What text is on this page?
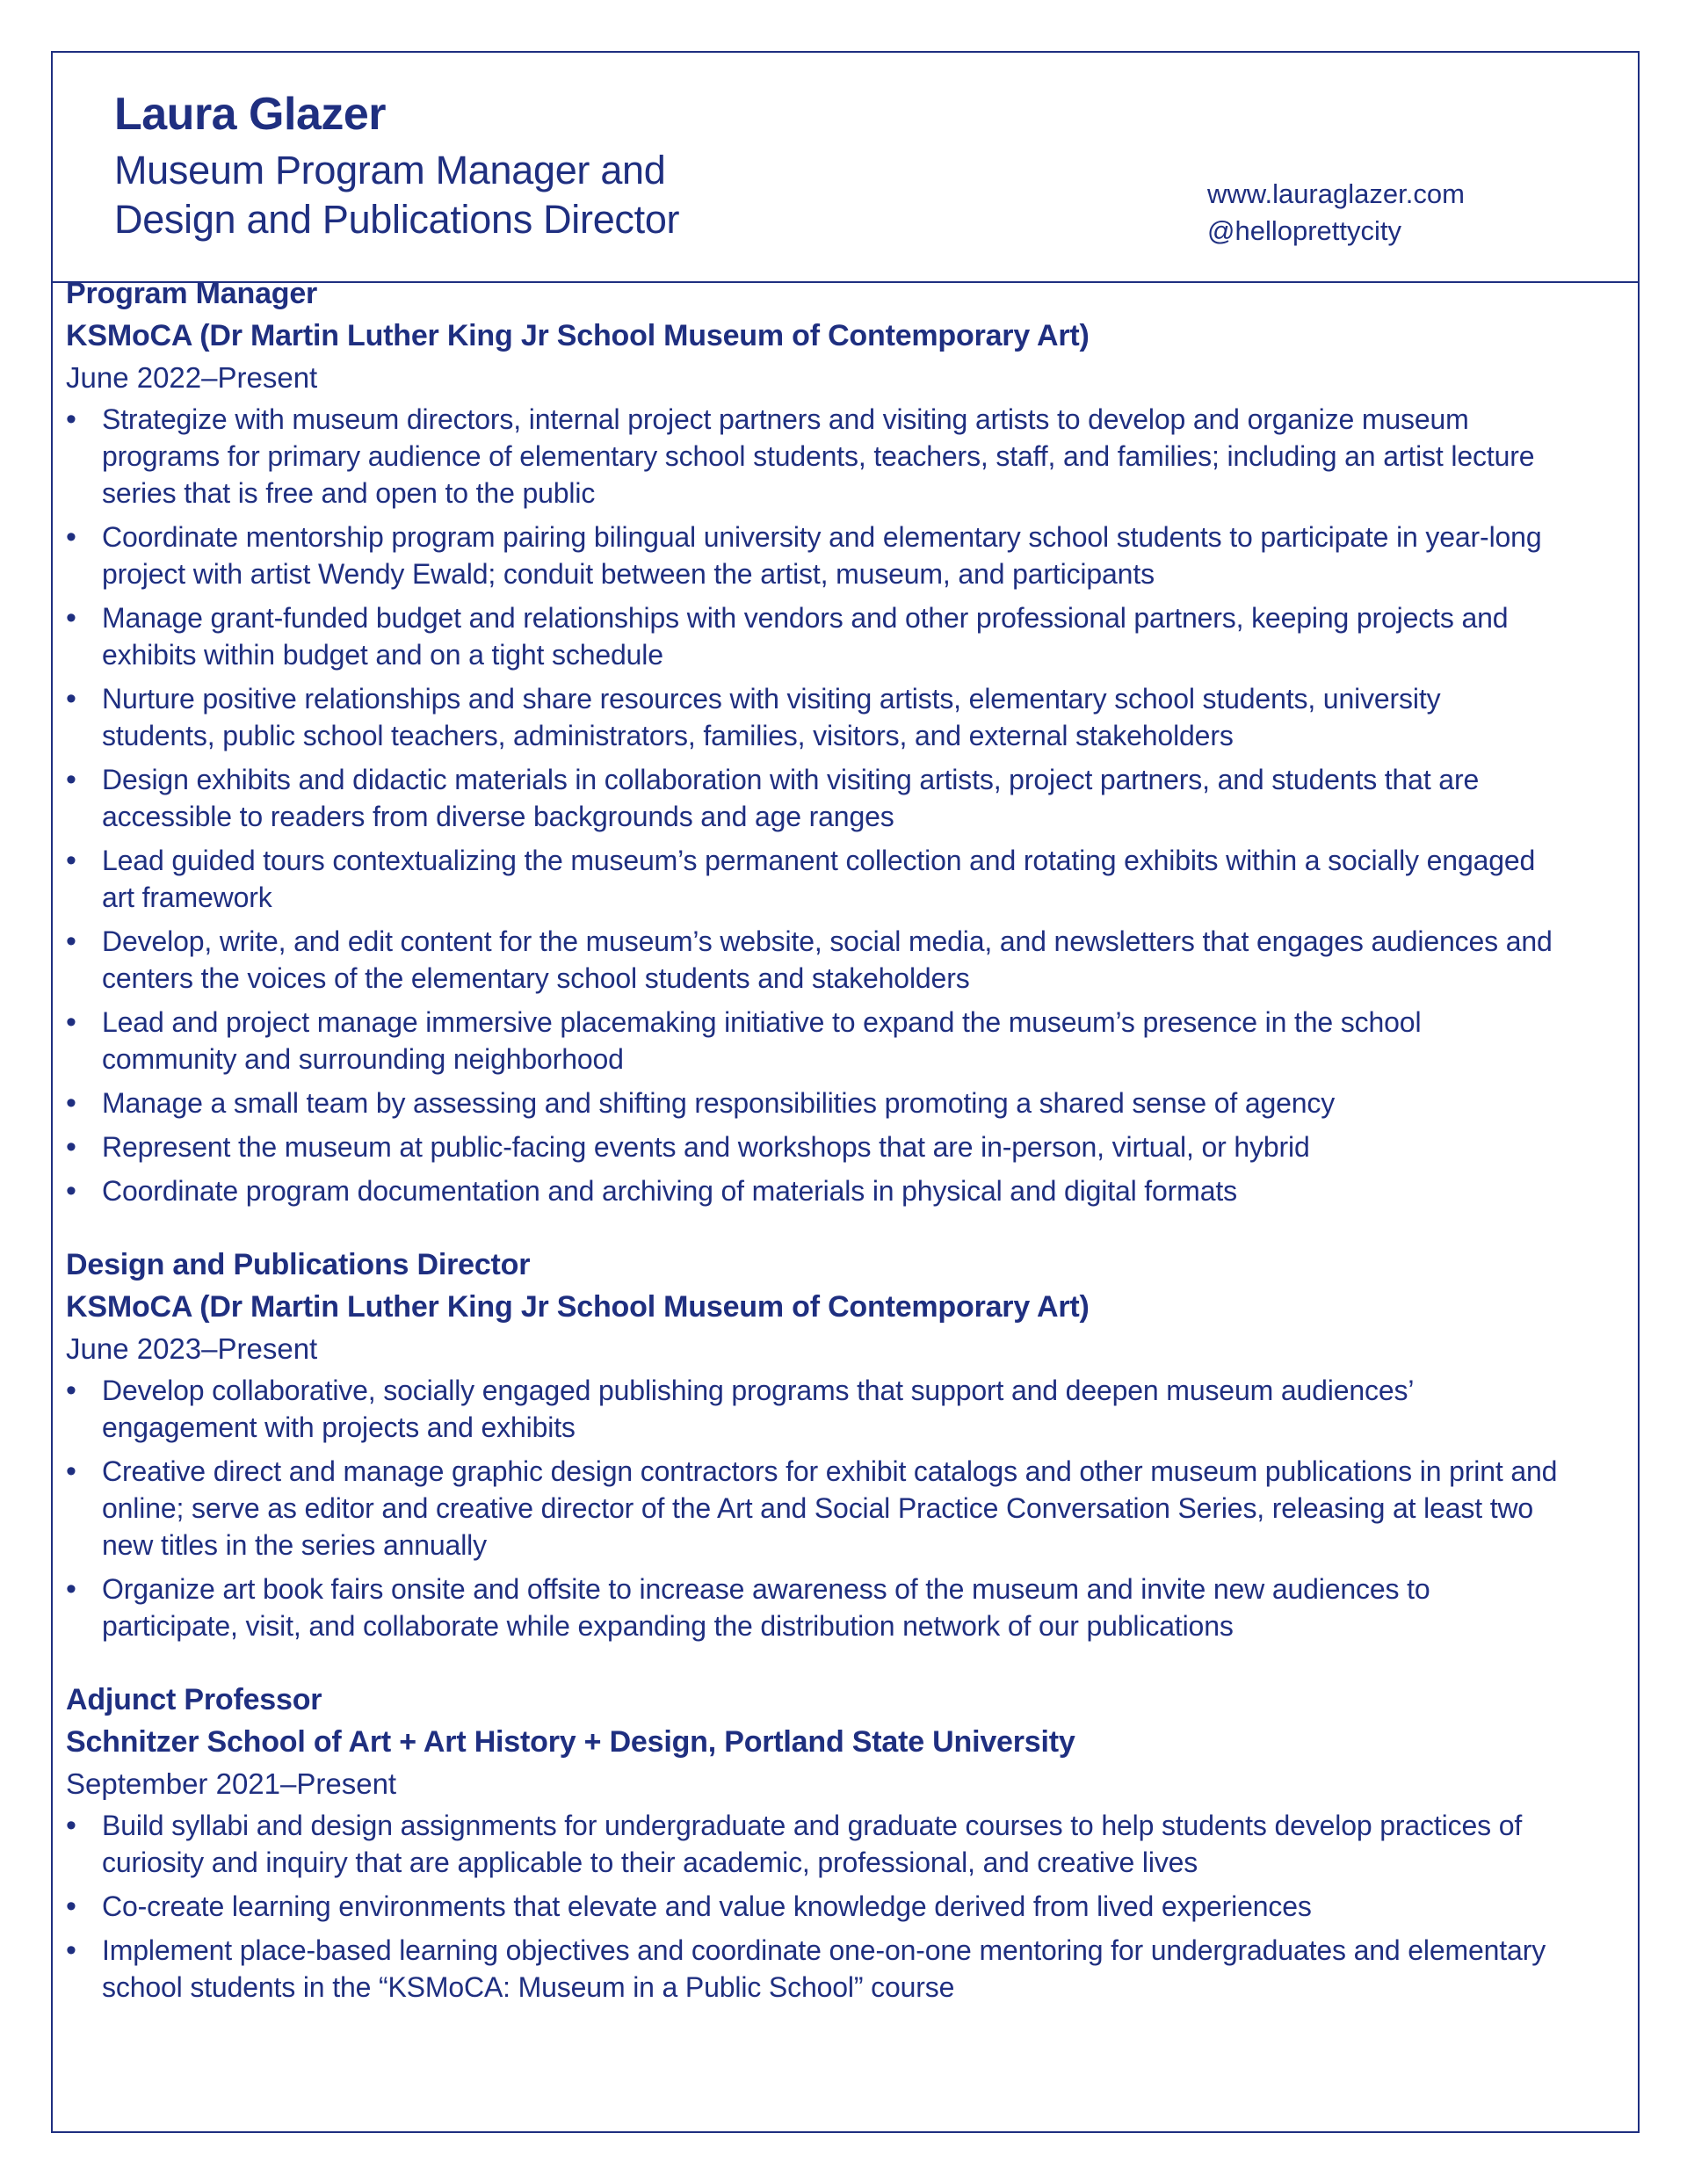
Laura Glazer
Museum Program Manager and
Design and Publications Director
www.lauraglazer.com
@helloprettycity
Program Manager
KSMoCA (Dr Martin Luther King Jr School Museum of Contemporary Art)
June 2022–Present
• Strategize with museum directors, internal project partners and visiting artists to develop and organize museum programs for primary audience of elementary school students, teachers, staff, and families; including an artist lecture series that is free and open to the public
• Coordinate mentorship program pairing bilingual university and elementary school students to participate in year-long project with artist Wendy Ewald; conduit between the artist, museum, and participants
• Manage grant-funded budget and relationships with vendors and other professional partners, keeping projects and exhibits within budget and on a tight schedule
• Nurture positive relationships and share resources with visiting artists, elementary school students, university students, public school teachers, administrators, families, visitors, and external stakeholders
• Design exhibits and didactic materials in collaboration with visiting artists, project partners, and students that are accessible to readers from diverse backgrounds and age ranges
• Lead guided tours contextualizing the museum’s permanent collection and rotating exhibits within a socially engaged art framework
• Develop, write, and edit content for the museum’s website, social media, and newsletters that engages audiences and centers the voices of the elementary school students and stakeholders
• Lead and project manage immersive placemaking initiative to expand the museum’s presence in the school community and surrounding neighborhood
• Manage a small team by assessing and shifting responsibilities promoting a shared sense of agency
• Represent the museum at public-facing events and workshops that are in-person, virtual, or hybrid
• Coordinate program documentation and archiving of materials in physical and digital formats
Design and Publications Director
KSMoCA (Dr Martin Luther King Jr School Museum of Contemporary Art)
June 2023–Present
• Develop collaborative, socially engaged publishing programs that support and deepen museum audiences’ engagement with projects and exhibits
• Creative direct and manage graphic design contractors for exhibit catalogs and other museum publications in print and online; serve as editor and creative director of the Art and Social Practice Conversation Series, releasing at least two new titles in the series annually
• Organize art book fairs onsite and offsite to increase awareness of the museum and invite new audiences to participate, visit, and collaborate while expanding the distribution network of our publications
Adjunct Professor
Schnitzer School of Art + Art History + Design, Portland State University
September 2021–Present
• Build syllabi and design assignments for undergraduate and graduate courses to help students develop practices of curiosity and inquiry that are applicable to their academic, professional, and creative lives
• Co-create learning environments that elevate and value knowledge derived from lived experiences
• Implement place-based learning objectives and coordinate one-on-one mentoring for undergraduates and elementary school students in the “KSMoCA: Museum in a Public School” course
